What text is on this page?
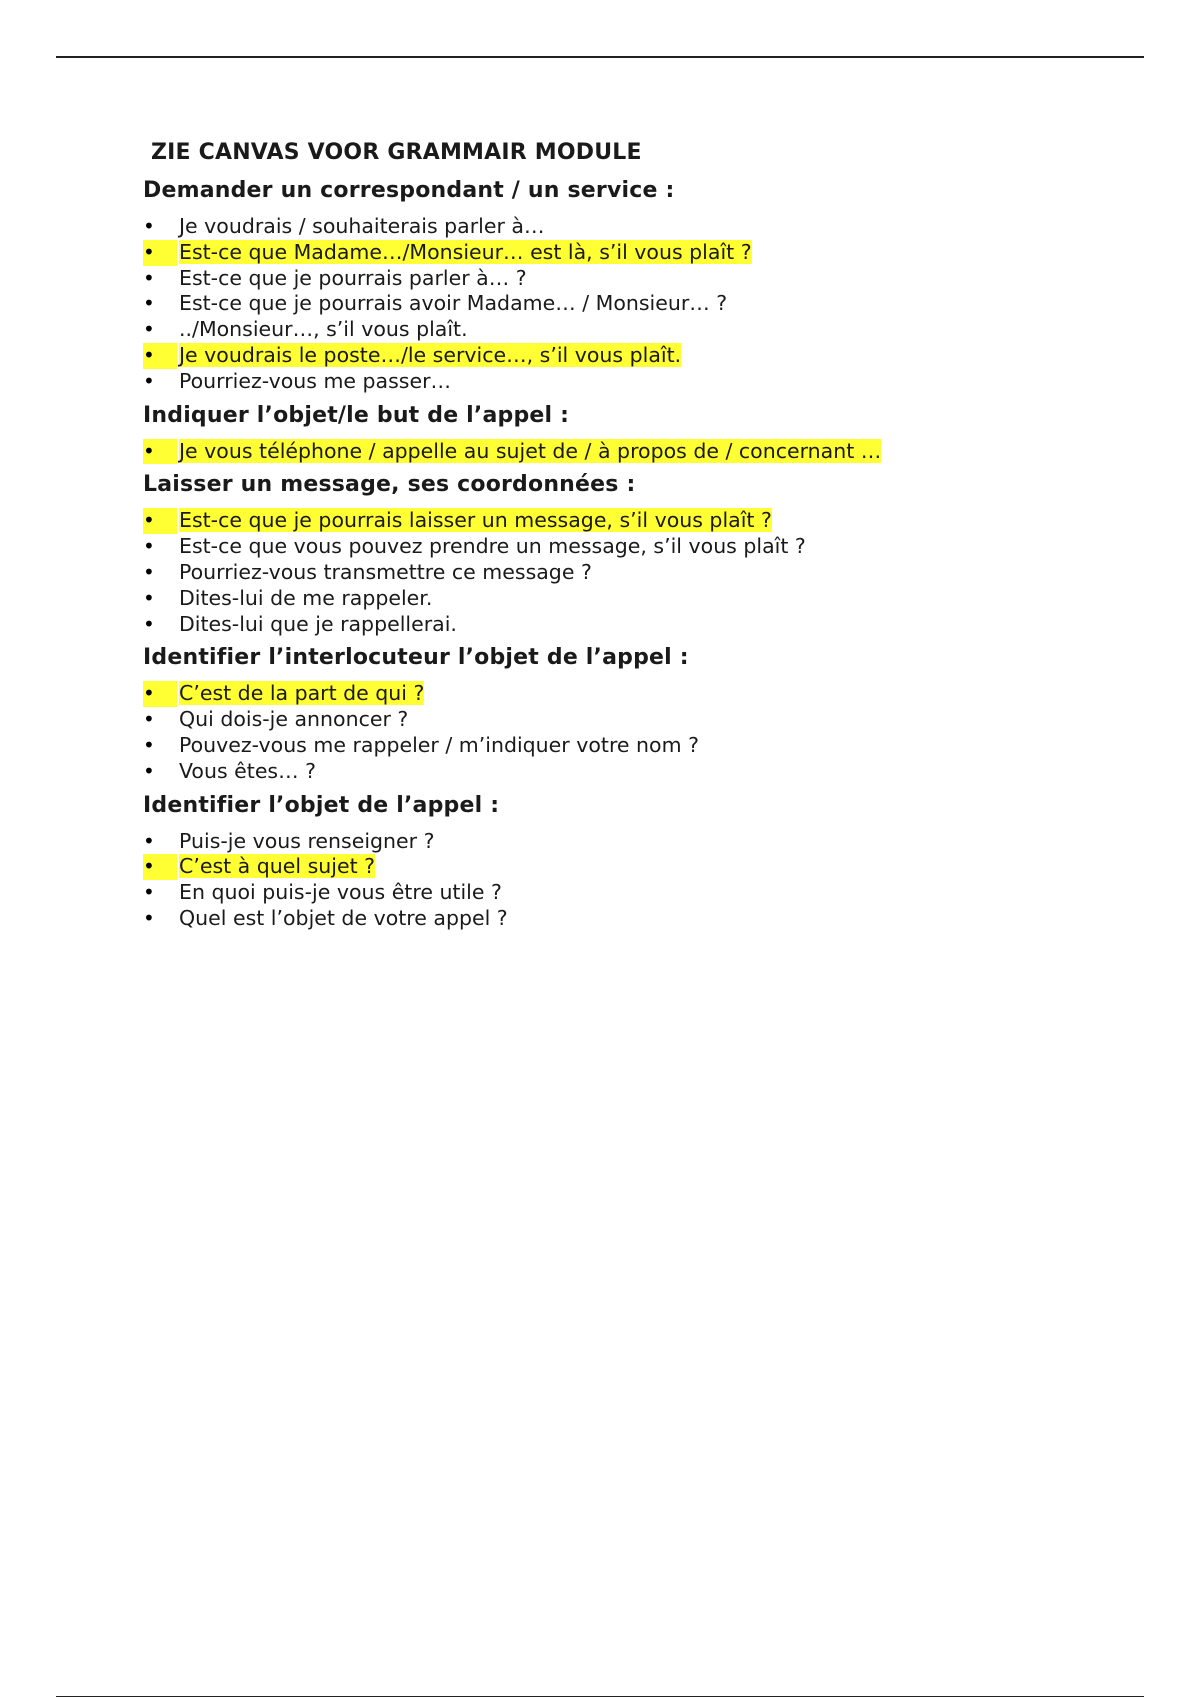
ZIE CANVAS VOOR GRAMMAIR MODULE
Demander un correspondant / un service :
• Je voudrais / souhaiterais parler à…
• Est-ce que Madame…/Monsieur… est là, s’il vous plaît ?
• Est-ce que je pourrais parler à… ?
• Est-ce que je pourrais avoir Madame… / Monsieur… ?
• ../Monsieur…, s’il vous plaît.
• Je voudrais le poste…/le service…, s’il vous plaît.
• Pourriez-vous me passer…
Indiquer l’objet/le but de l’appel :
• Je vous téléphone / appelle au sujet de / à propos de / concernant …
Laisser un message, ses coordonnées :
• Est-ce que je pourrais laisser un message, s’il vous plaît ?
• Est-ce que vous pouvez prendre un message, s’il vous plaît ?
• Pourriez-vous transmettre ce message ?
• Dites-lui de me rappeler.
• Dites-lui que je rappellerai.
Identifier l’interlocuteur l’objet de l’appel :
• C’est de la part de qui ?
• Qui dois-je annoncer ?
• Pouvez-vous me rappeler / m’indiquer votre nom ?
• Vous êtes… ?
Identifier l’objet de l’appel :
• Puis-je vous renseigner ?
• C’est à quel sujet ?
• En quoi puis-je vous être utile ?
• Quel est l’objet de votre appel ?
